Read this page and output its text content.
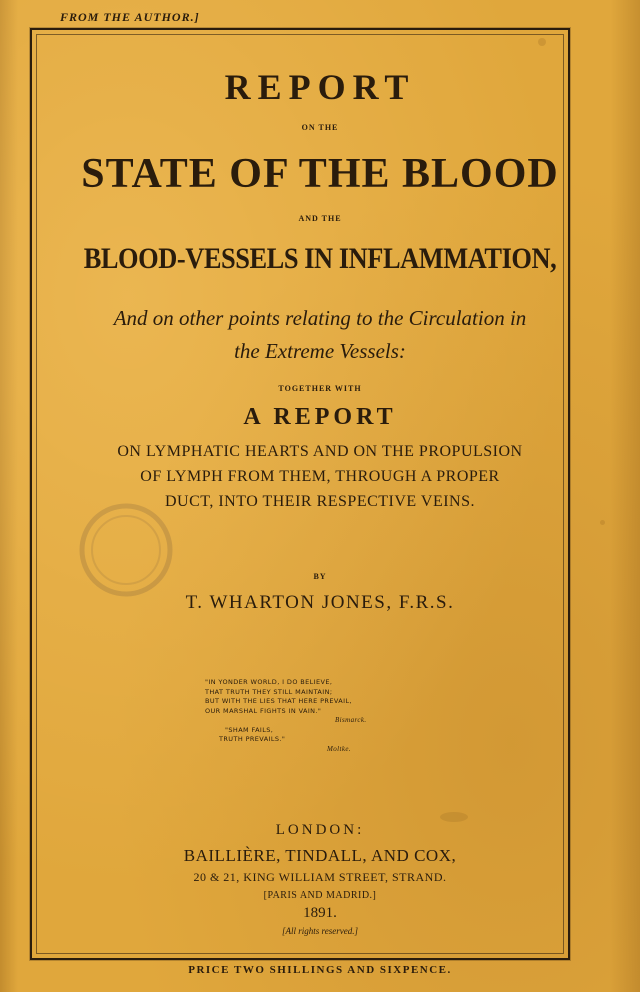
FROM THE AUTHOR.]

REPORT

ON THE

STATE OF THE BLOOD

AND THE

BLOOD-VESSELS IN INFLAMMATION,

And on other points relating to the Circulation in

the Extreme Vessels:

TOGETHER WITH

A REPORT

ON LYMPHATIC HEARTS AND ON THE PROPULSION

OF LYMPH FROM THEM, THROUGH A PROPER

DUCT, INTO THEIR RESPECTIVE VEINS.

BY

T. WHARTON JONES, F.R.S.

"IN YONDER WORLD, I DO BELIEVE,
THAT TRUTH THEY STILL MAINTAIN;
BUT WITH THE LIES THAT HERE PREVAIL,
OUR MARSHAL FIGHTS IN VAIN."
Bismarck.
"SHAM FAILS,
TRUTH PREVAILS."
Moltke.

LONDON:

BAILLIÈRE, TINDALL, AND COX,

20 & 21, KING WILLIAM STREET, STRAND.

[PARIS AND MADRID.]

1891.

[All rights reserved.]

PRICE TWO SHILLINGS AND SIXPENCE.
